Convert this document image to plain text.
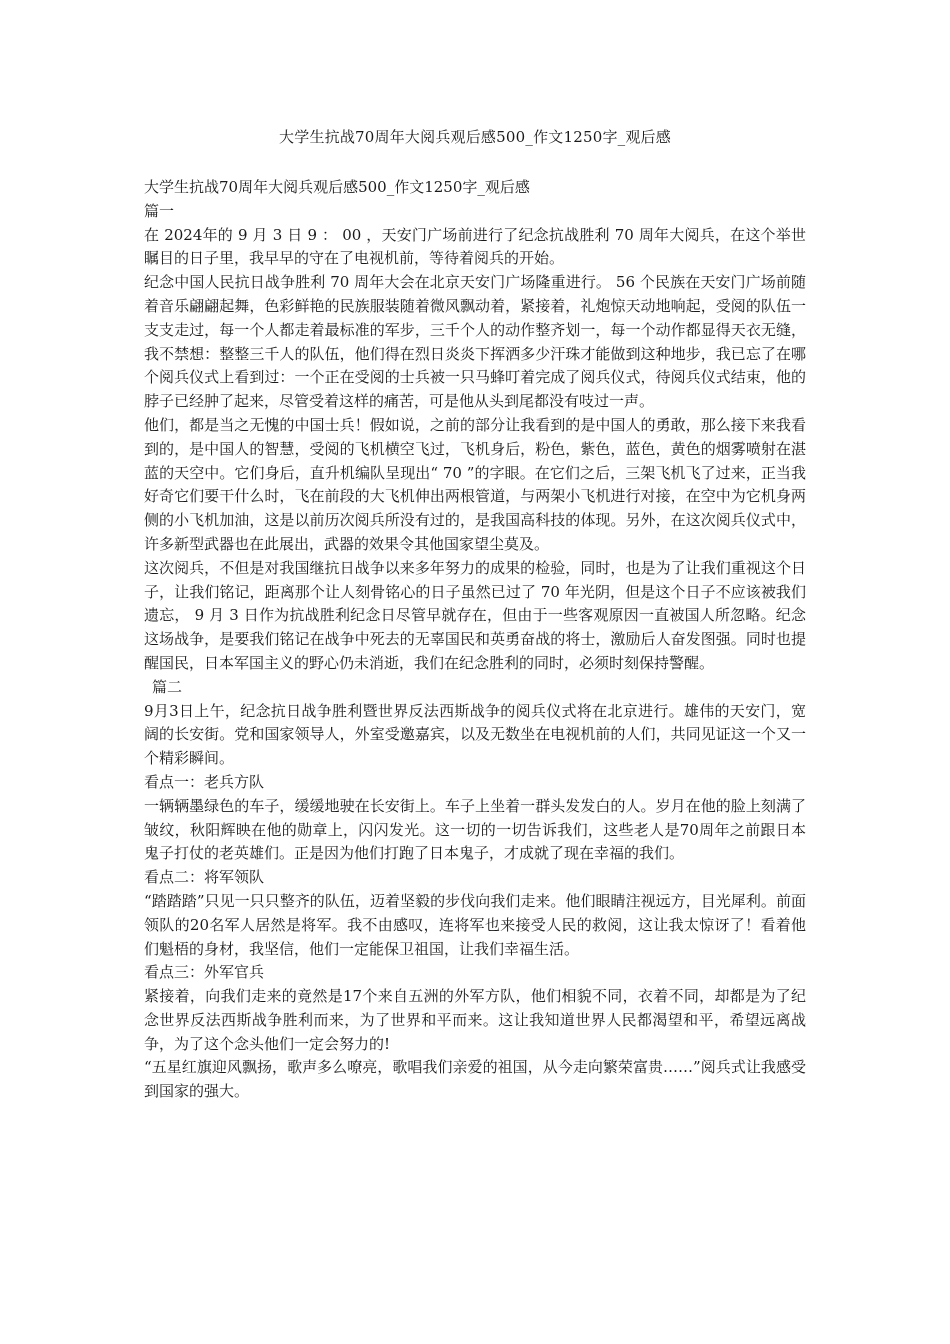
大学生抗战70周年大阅兵观后感500_作文1250字_观后感

大学生抗战70周年大阅兵观后感500_作文1250字_观后感

篇一

在 2024年的 9 月 3 日 9 ： 00 ，天安门广场前进行了纪念抗战胜利 70 周年大阅兵，在这个举世瞩目的日子里，我早早的守在了电视机前，等待着阅兵的开始。

纪念中国人民抗日战争胜利 70 周年大会在北京天安门广场隆重进行。 56 个民族在天安门广场前随着音乐翩翩起舞，色彩鲜艳的民族服装随着微风飘动着，紧接着，礼炮惊天动地响起，受阅的队伍一支支走过，每一个人都走着最标准的军步，三千个人的动作整齐划一，每一个动作都显得天衣无缝，我不禁想：整整三千人的队伍，他们得在烈日炎炎下挥洒多少汗珠才能做到这种地步，我已忘了在哪个阅兵仪式上看到过：一个正在受阅的士兵被一只马蜂叮着完成了阅兵仪式，待阅兵仪式结束，他的脖子已经肿了起来，尽管受着这样的痛苦，可是他从头到尾都没有吱过一声。

他们，都是当之无愧的中国士兵！假如说，之前的部分让我看到的是中国人的勇敢，那么接下来我看到的，是中国人的智慧，受阅的飞机横空飞过，飞机身后，粉色，紫色，蓝色，黄色的烟雾喷射在湛蓝的天空中。它们身后，直升机编队呈现出“ 70 ”的字眼。在它们之后，三架飞机飞了过来，正当我好奇它们要干什么时，飞在前段的大飞机伸出两根管道，与两架小飞机进行对接，在空中为它机身两侧的小飞机加油，这是以前历次阅兵所没有过的，是我国高科技的体现。另外，在这次阅兵仪式中，许多新型武器也在此展出，武器的效果令其他国家望尘莫及。

这次阅兵，不但是对我国继抗日战争以来多年努力的成果的检验，同时，也是为了让我们重视这个日子，让我们铭记，距离那个让人刻骨铭心的日子虽然已过了 70 年光阴，但是这个日子不应该被我们遗忘， 9 月 3 日作为抗战胜利纪念日尽管早就存在，但由于一些客观原因一直被国人所忽略。纪念这场战争，是要我们铭记在战争中死去的无辜国民和英勇奋战的将士，激励后人奋发图强。同时也提醒国民，日本军国主义的野心仍未消逝，我们在纪念胜利的同时，必须时刻保持警醒。

篇二

9月3日上午，纪念抗日战争胜利暨世界反法西斯战争的阅兵仪式将在北京进行。雄伟的天安门，宽阔的长安街。党和国家领导人，外室受邀嘉宾，以及无数坐在电视机前的人们，共同见证这一个又一个精彩瞬间。

看点一：老兵方队

一辆辆墨绿色的车子，缓缓地驶在长安街上。车子上坐着一群头发发白的人。岁月在他的脸上刻满了皱纹，秋阳辉映在他的勋章上，闪闪发光。这一切的一切告诉我们，这些老人是70周年之前跟日本鬼子打仗的老英雄们。正是因为他们打跑了日本鬼子，才成就了现在幸福的我们。

看点二：将军领队

“踏踏踏”只见一只只整齐的队伍，迈着坚毅的步伐向我们走来。他们眼睛注视远方，目光犀利。前面领队的20名军人居然是将军。我不由感叹，连将军也来接受人民的救阅，这让我太惊讶了！看着他们魁梧的身材，我坚信，他们一定能保卫祖国，让我们幸福生活。

看点三：外军官兵

紧接着，向我们走来的竟然是17个来自五洲的外军方队，他们相貌不同，衣着不同，却都是为了纪念世界反法西斯战争胜利而来，为了世界和平而来。这让我知道世界人民都渴望和平，希望远离战争，为了这个念头他们一定会努力的!

“五星红旗迎风飘扬，歌声多么嘹亮，歌唱我们亲爱的祖国，从今走向繁荣富贵……”阅兵式让我感受到国家的强大。
